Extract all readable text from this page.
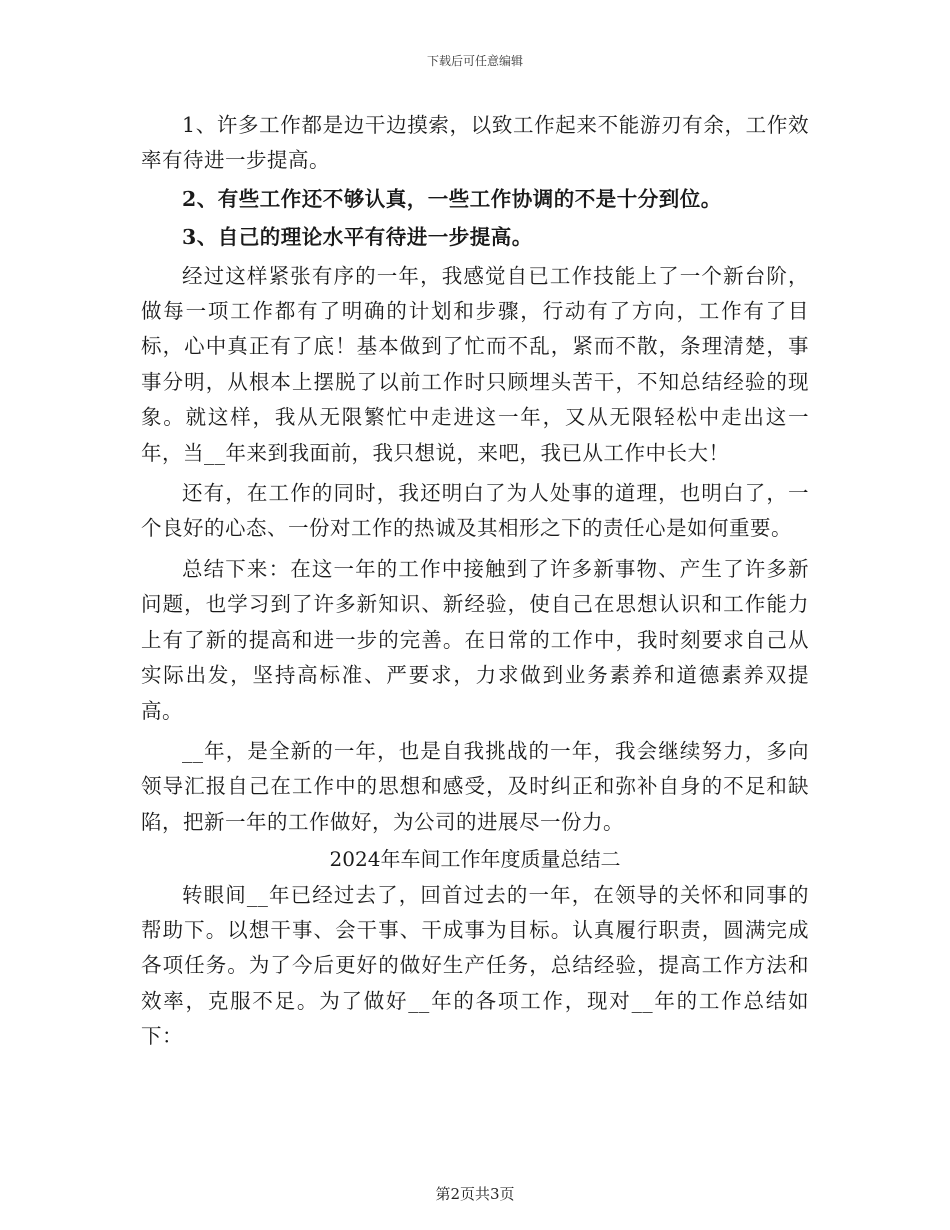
下载后可任意编辑

1、许多工作都是边干边摸索，以致工作起来不能游刃有余，工作效率有待进一步提高。

2、有些工作还不够认真，一些工作协调的不是十分到位。

3、自己的理论水平有待进一步提高。

经过这样紧张有序的一年，我感觉自已工作技能上了一个新台阶，做每一项工作都有了明确的计划和步骤，行动有了方向，工作有了目标，心中真正有了底！基本做到了忙而不乱，紧而不散，条理清楚，事事分明，从根本上摆脱了以前工作时只顾埋头苦干，不知总结经验的现象。就这样，我从无限繁忙中走进这一年，又从无限轻松中走出这一年，当__年来到我面前，我只想说，来吧，我已从工作中长大！

还有，在工作的同时，我还明白了为人处事的道理，也明白了，一个良好的心态、一份对工作的热诚及其相形之下的责任心是如何重要。

总结下来：在这一年的工作中接触到了许多新事物、产生了许多新问题，也学习到了许多新知识、新经验，使自己在思想认识和工作能力上有了新的提高和进一步的完善。在日常的工作中，我时刻要求自己从实际出发，坚持高标准、严要求，力求做到业务素养和道德素养双提高。

__年，是全新的一年，也是自我挑战的一年，我会继续努力，多向领导汇报自己在工作中的思想和感受，及时纠正和弥补自身的不足和缺陷，把新一年的工作做好，为公司的进展尽一份力。

2024年车间工作年度质量总结二

转眼间__年已经过去了，回首过去的一年，在领导的关怀和同事的帮助下。以想干事、会干事、干成事为目标。认真履行职责，圆满完成各项任务。为了今后更好的做好生产任务，总结经验，提高工作方法和效率，克服不足。为了做好__年的各项工作，现对__年的工作总结如下：

第2页共3页
